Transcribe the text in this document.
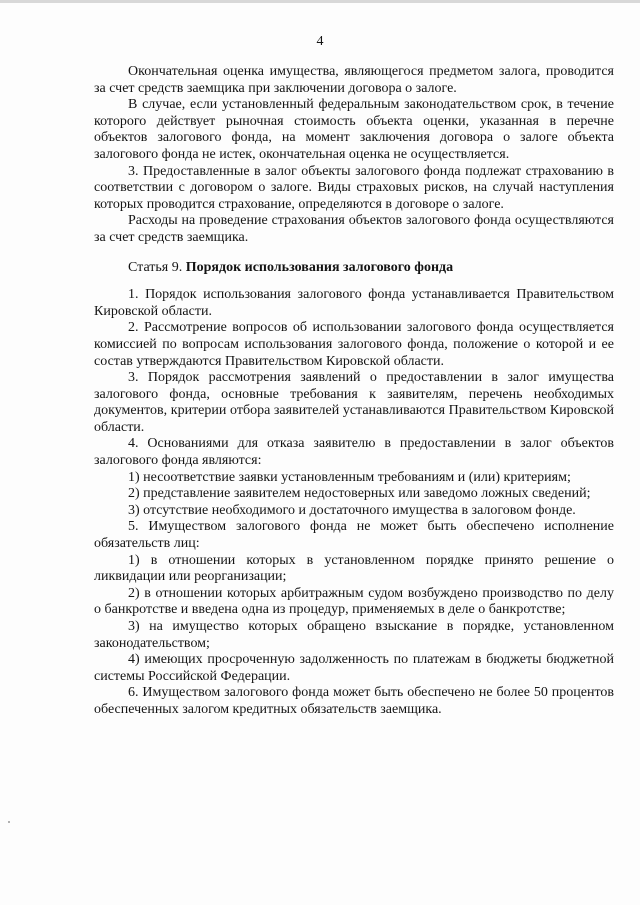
4

Окончательная оценка имущества, являющегося предметом залога, проводится за счет средств заемщика при заключении договора о залоге.

В случае, если установленный федеральным законодательством срок, в течение которого действует рыночная стоимость объекта оценки, указанная в перечне объектов залогового фонда, на момент заключения договора о залоге объекта залогового фонда не истек, окончательная оценка не осуществляется.

3. Предоставленные в залог объекты залогового фонда подлежат страхованию в соответствии с договором о залоге. Виды страховых рисков, на случай наступления которых проводится страхование, определяются в договоре о залоге.

Расходы на проведение страхования объектов залогового фонда осуществляются за счет средств заемщика.

Статья 9. Порядок использования залогового фонда

1. Порядок использования залогового фонда устанавливается Правительством Кировской области.

2. Рассмотрение вопросов об использовании залогового фонда осуществляется комиссией по вопросам использования залогового фонда, положение о которой и ее состав утверждаются Правительством Кировской области.

3. Порядок рассмотрения заявлений о предоставлении в залог имущества залогового фонда, основные требования к заявителям, перечень необходимых документов, критерии отбора заявителей устанавливаются Правительством Кировской области.

4. Основаниями для отказа заявителю в предоставлении в залог объектов залогового фонда являются:

1) несоответствие заявки установленным требованиям и (или) критериям;

2) представление заявителем недостоверных или заведомо ложных сведений;

3) отсутствие необходимого и достаточного имущества в залоговом фонде.

5. Имуществом залогового фонда не может быть обеспечено исполнение обязательств лиц:

1) в отношении которых в установленном порядке принято решение о ликвидации или реорганизации;

2) в отношении которых арбитражным судом возбуждено производство по делу о банкротстве и введена одна из процедур, применяемых в деле о банкротстве;

3) на имущество которых обращено взыскание в порядке, установленном законодательством;

4) имеющих просроченную задолженность по платежам в бюджеты бюджетной системы Российской Федерации.

6. Имуществом залогового фонда может быть обеспечено не более 50 процентов обеспеченных залогом кредитных обязательств заемщика.
